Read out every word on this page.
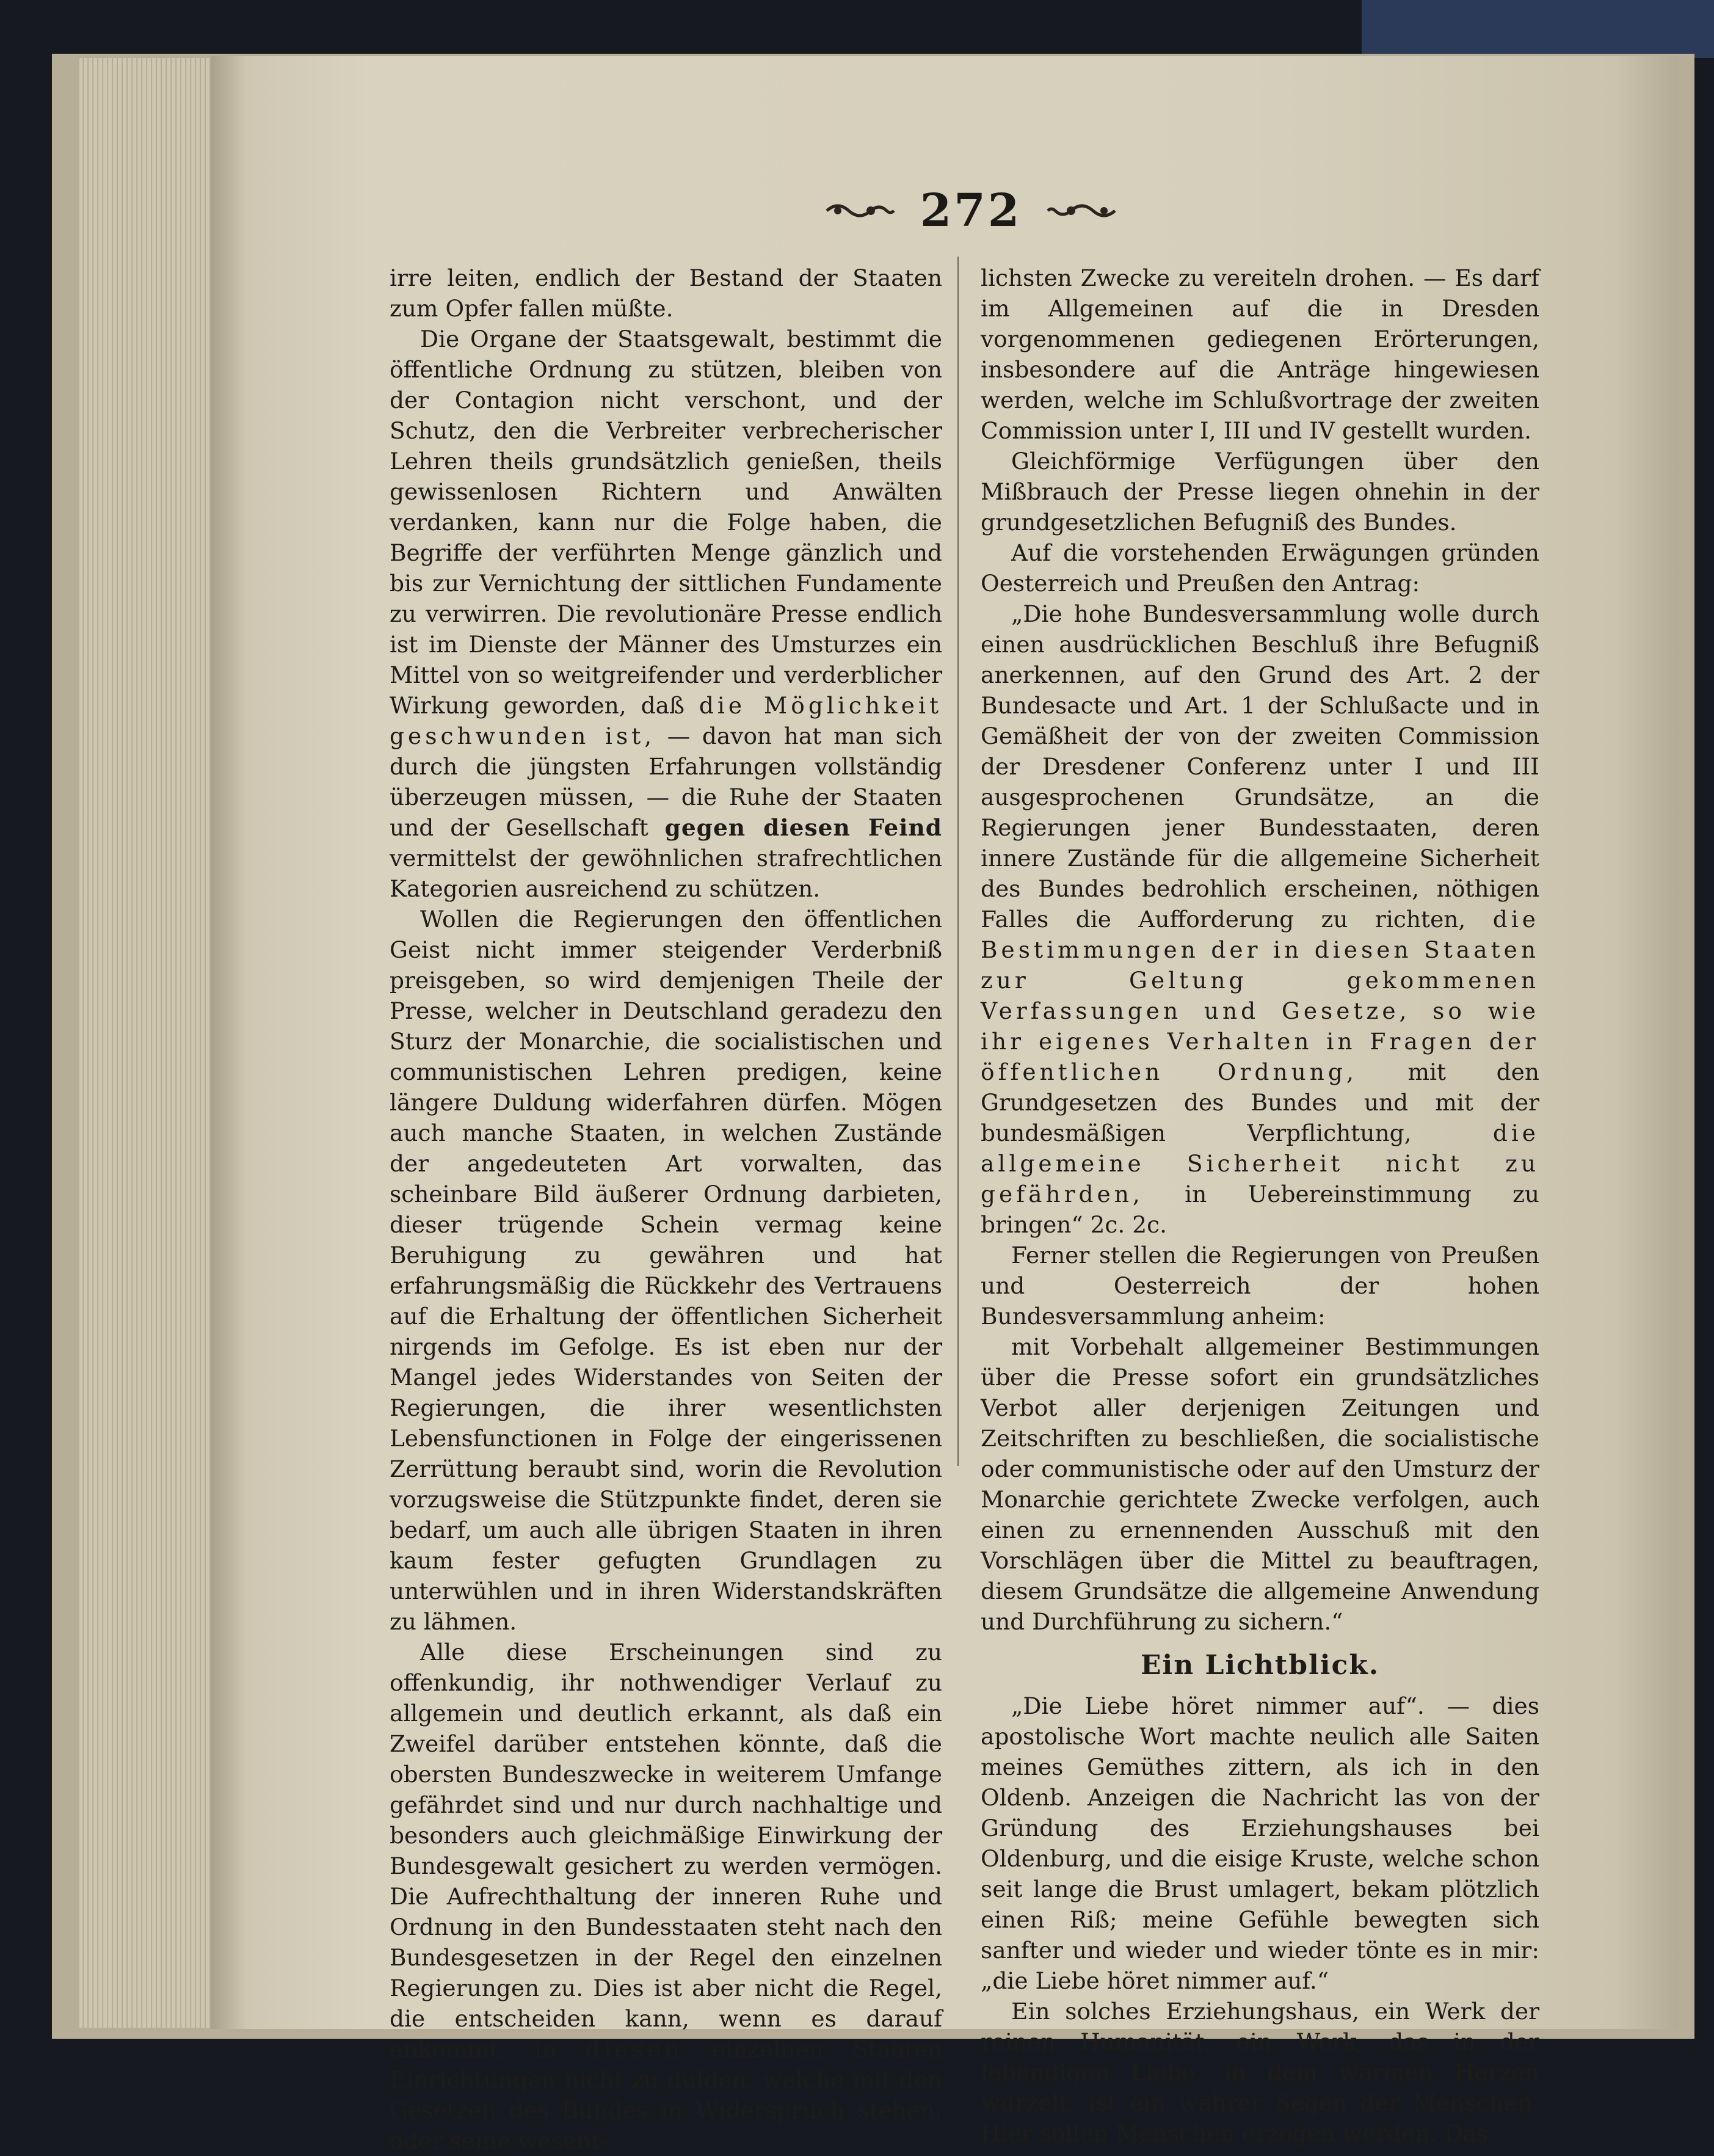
272

irre leiten, endlich der Bestand der Staaten zum Opfer fallen müßte.

Die Organe der Staatsgewalt, bestimmt die öffentliche Ordnung zu stützen, bleiben von der Contagion nicht verschont, und der Schutz, den die Verbreiter verbrecherischer Lehren theils grundsätzlich genießen, theils gewissenlosen Richtern und Anwälten verdanken, kann nur die Folge haben, die Begriffe der verführten Menge gänzlich und bis zur Vernichtung der sittlichen Fundamente zu verwirren. Die revolutionäre Presse endlich ist im Dienste der Männer des Umsturzes ein Mittel von so weitgreifender und verderblicher Wirkung geworden, daß die Möglichkeit geschwunden ist, — davon hat man sich durch die jüngsten Erfahrungen vollständig überzeugen müssen, — die Ruhe der Staaten und der Gesellschaft gegen diesen Feind vermittelst der gewöhnlichen strafrechtlichen Kategorien ausreichend zu schützen.

Wollen die Regierungen den öffentlichen Geist nicht immer steigender Verderbniß preisgeben, so wird demjenigen Theile der Presse, welcher in Deutschland geradezu den Sturz der Monarchie, die socialistischen und communistischen Lehren predigen, keine längere Duldung widerfahren dürfen. Mögen auch manche Staaten, in welchen Zustände der angedeuteten Art vorwalten, das scheinbare Bild äußerer Ordnung darbieten, dieser trügende Schein vermag keine Beruhigung zu gewähren und hat erfahrungsmäßig die Rückkehr des Vertrauens auf die Erhaltung der öffentlichen Sicherheit nirgends im Gefolge. Es ist eben nur der Mangel jedes Widerstandes von Seiten der Regierungen, die ihrer wesentlichsten Lebensfunctionen in Folge der eingerissenen Zerrüttung beraubt sind, worin die Revolution vorzugsweise die Stützpunkte findet, deren sie bedarf, um auch alle übrigen Staaten in ihren kaum fester gefugten Grundlagen zu unterwühlen und in ihren Widerstandskräften zu lähmen.

Alle diese Erscheinungen sind zu offenkundig, ihr nothwendiger Verlauf zu allgemein und deutlich erkannt, als daß ein Zweifel darüber entstehen könnte, daß die obersten Bundeszwecke in weiterem Umfange gefährdet sind und nur durch nachhaltige und besonders auch gleichmäßige Einwirkung der Bundesgewalt gesichert zu werden vermögen. Die Aufrechthaltung der inneren Ruhe und Ordnung in den Bundesstaaten steht nach den Bundesgesetzen in der Regel den einzelnen Regierungen zu. Dies ist aber nicht die Regel, die entscheiden kann, wenn es darauf ankommt, in diesen einzelnen Staaten Einrichtungen nicht zu dulden, welche mit den Gesetzen des Bundes in Widerspruch stehen, oder seine wesent-

lichsten Zwecke zu vereiteln drohen. — Es darf im Allgemeinen auf die in Dresden vorgenommenen gediegenen Erörterungen, insbesondere auf die Anträge hingewiesen werden, welche im Schlußvortrage der zweiten Commission unter I, III und IV gestellt wurden.

Gleichförmige Verfügungen über den Mißbrauch der Presse liegen ohnehin in der grundgesetzlichen Befugniß des Bundes.

Auf die vorstehenden Erwägungen gründen Oesterreich und Preußen den Antrag:

„Die hohe Bundesversammlung wolle durch einen ausdrücklichen Beschluß ihre Befugniß anerkennen, auf den Grund des Art. 2 der Bundesacte und Art. 1 der Schlußacte und in Gemäßheit der von der zweiten Commission der Dresdener Conferenz unter I und III ausgesprochenen Grundsätze, an die Regierungen jener Bundesstaaten, deren innere Zustände für die allgemeine Sicherheit des Bundes bedrohlich erscheinen, nöthigen Falles die Aufforderung zu richten, die Bestimmungen der in diesen Staaten zur Geltung gekommenen Verfassungen und Gesetze, so wie ihr eigenes Verhalten in Fragen der öffentlichen Ordnung, mit den Grundgesetzen des Bundes und mit der bundesmäßigen Verpflichtung,	die allgemeine Sicherheit nicht zu gefährden, in Uebereinstimmung zu bringen“ 2c. 2c.

Ferner stellen die Regierungen von Preußen und Oesterreich der hohen Bundesversammlung anheim:

mit Vorbehalt allgemeiner Bestimmungen über die Presse sofort ein grundsätzliches Verbot aller derjenigen Zeitungen und Zeitschriften zu beschließen, die socialistische oder communistische oder auf den Umsturz der Monarchie gerichtete Zwecke verfolgen, auch einen zu ernennenden Ausschuß mit den Vorschlägen über die Mittel zu beauftragen, diesem Grundsätze die allgemeine Anwendung und Durchführung zu sichern.“

Ein Lichtblick.

„Die Liebe höret nimmer auf“. — dies apostolische Wort machte neulich alle Saiten meines Gemüthes zittern, als ich in den Oldenb. Anzeigen die Nachricht las von der Gründung des Erziehungshauses bei Oldenburg, und die eisige Kruste, welche schon seit lange die Brust umlagert, bekam plötzlich einen Riß; meine Gefühle bewegten sich sanfter und wieder und wieder tönte es in mir: „die Liebe höret nimmer auf.“

Ein solches Erziehungshaus, ein Werk der reinen Humanität, ein Werk, das in der lebendigen Liebe, in dem warmen Herzen wurzelt, ist ein wahrer Segen der Menschen. Hier sollen Menschen erzogen werden. Das
